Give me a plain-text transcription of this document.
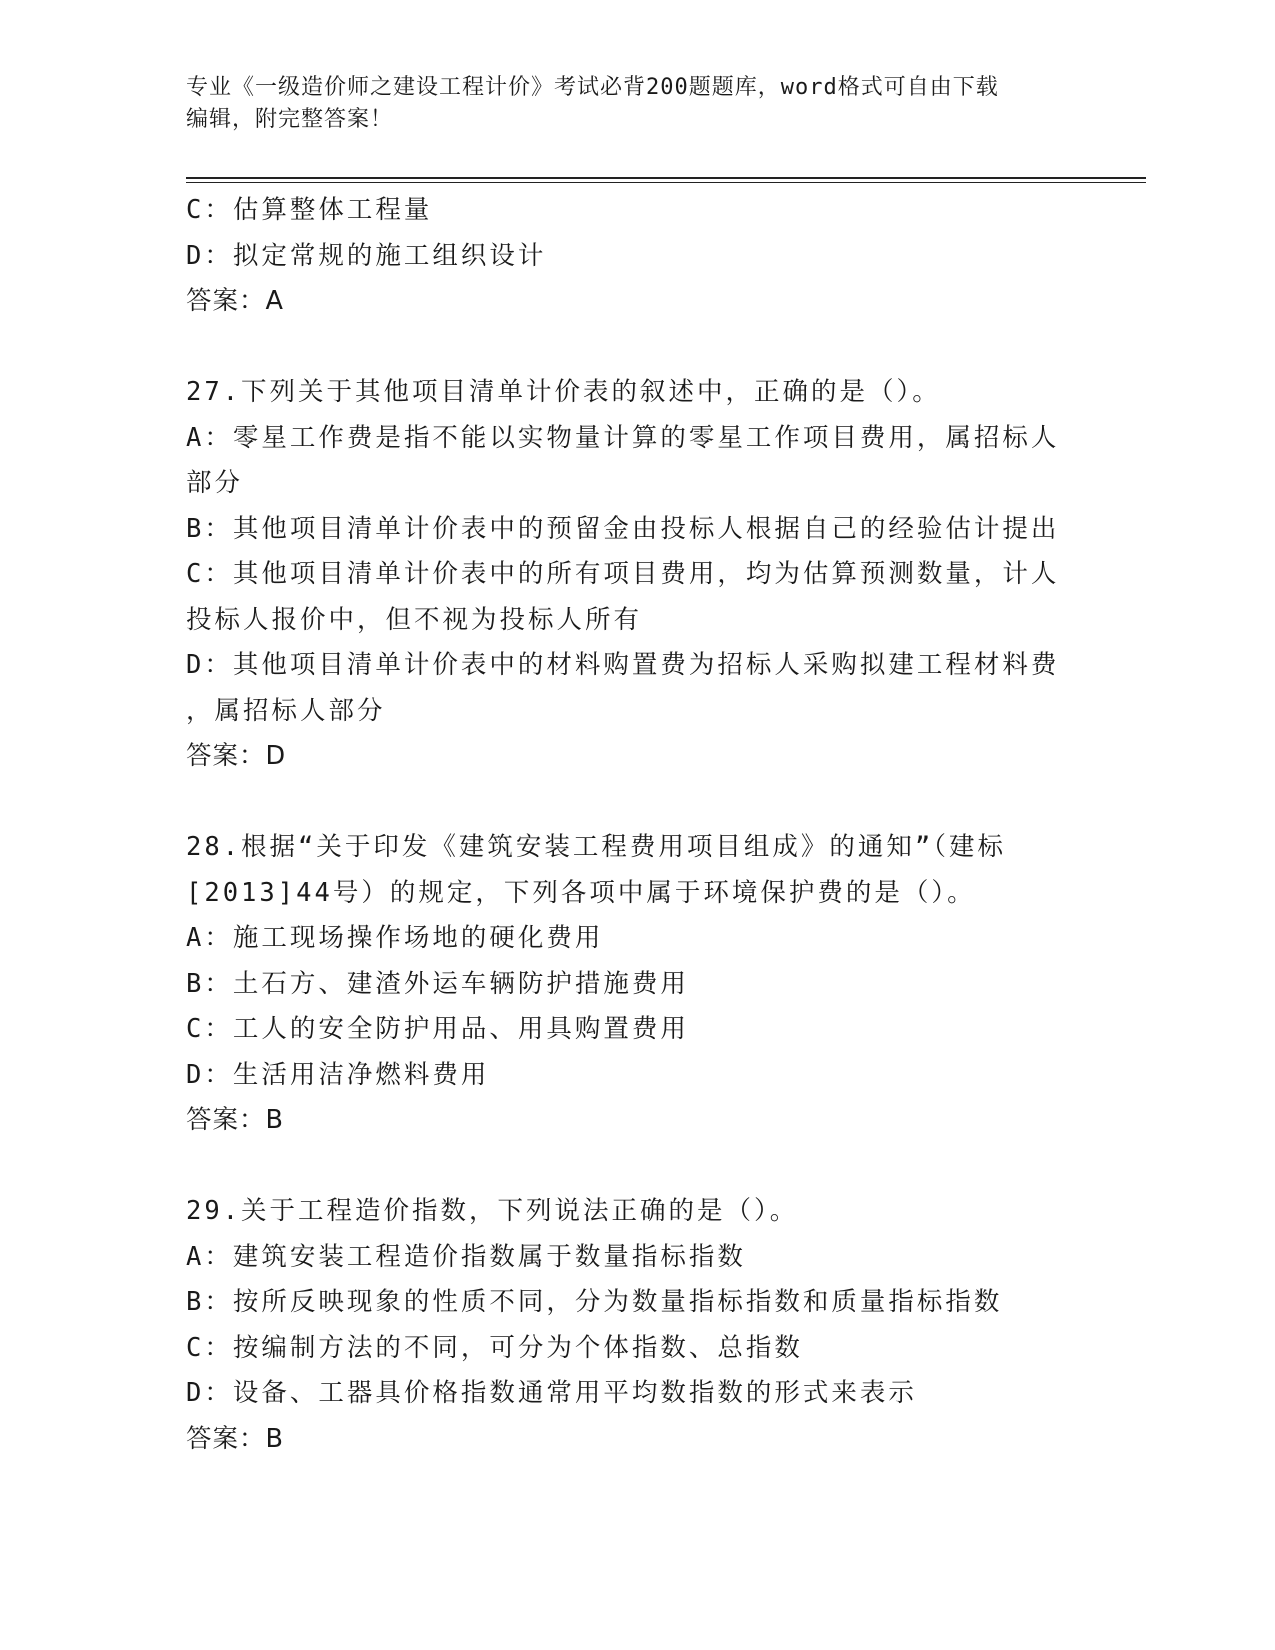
专业《一级造价师之建设工程计价》考试必背200题题库，word格式可自由下载
编辑，附完整答案！
C：估算整体工程量
D：拟定常规的施工组织设计
答案：A
27.下列关于其他项目清单计价表的叙述中，正确的是（）。
A：零星工作费是指不能以实物量计算的零星工作项目费用，属招标人
部分
B：其他项目清单计价表中的预留金由投标人根据自己的经验估计提出
C：其他项目清单计价表中的所有项目费用，均为估算预测数量，计人
投标人报价中，但不视为投标人所有
D：其他项目清单计价表中的材料购置费为招标人采购拟建工程材料费
，属招标人部分
答案：D
28.根据“关于印发《建筑安装工程费用项目组成》的通知”（建标
[2013]44号）的规定，下列各项中属于环境保护费的是（）。
A：施工现场操作场地的硬化费用
B：土石方、建渣外运车辆防护措施费用
C：工人的安全防护用品、用具购置费用
D：生活用洁净燃料费用
答案：B
29.关于工程造价指数，下列说法正确的是（）。
A：建筑安装工程造价指数属于数量指标指数
B：按所反映现象的性质不同，分为数量指标指数和质量指标指数
C：按编制方法的不同，可分为个体指数、总指数
D：设备、工器具价格指数通常用平均数指数的形式来表示
答案：B
